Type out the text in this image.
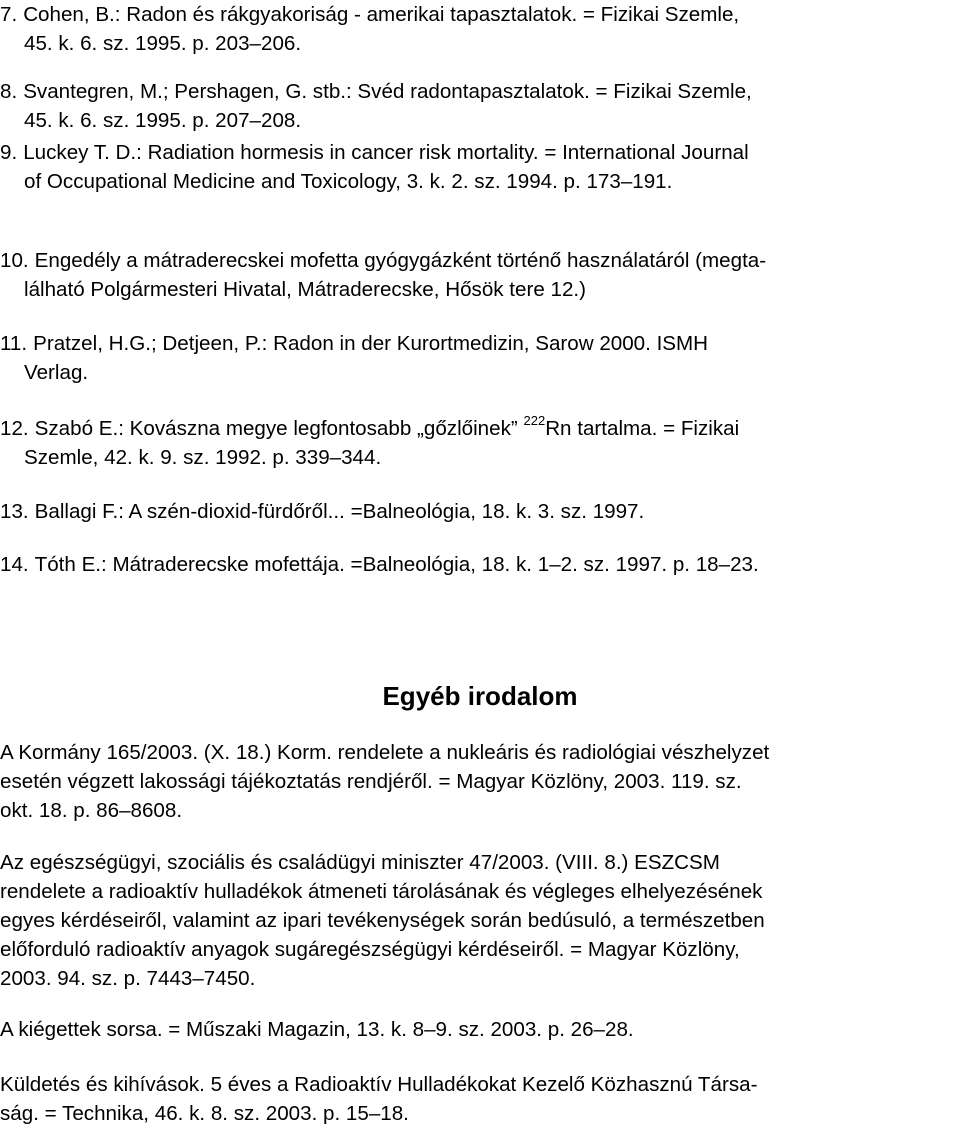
7. Cohen, B.: Radon és rákgyakoriság - amerikai tapasztalatok. = Fizikai Szemle,
45. k. 6. sz. 1995. p. 203–206.
8. Svantegren, M.; Pershagen, G. stb.: Svéd radontapasztalatok. = Fizikai Szemle,
45. k. 6. sz. 1995. p. 207–208.
9. Luckey T. D.: Radiation hormesis in cancer risk mortality. = International Journal
of Occupational Medicine and Toxicology, 3. k. 2. sz. 1994. p. 173–191.
10. Engedély a mátraderecskei mofetta gyógygázként történő használatáról (megta-
lálható Polgármesteri Hivatal, Mátraderecske, Hősök tere 12.)
11. Pratzel, H.G.; Detjeen, P.: Radon in der Kurortmedizin, Sarow 2000. ISMH
Verlag.
12. Szabó E.: Kovászna megye legfontosabb „gőzlőinek” $^{222}$Rn tartalma. = Fizikai
Szemle, 42. k. 9. sz. 1992. p. 339–344.
13. Ballagi F.: A szén-dioxid-fürdőről... =Balneológia, 18. k. 3. sz. 1997.
14. Tóth E.: Mátraderecske mofettája. =Balneológia, 18. k. 1–2. sz. 1997. p. 18–23.
Egyéb irodalom
A Kormány 165/2003. (X. 18.) Korm. rendelete a nukleáris és radiológiai vészhelyzet
esetén végzett lakossági tájékoztatás rendjéről. = Magyar Közlöny, 2003. 119. sz.
okt. 18. p. 86–8608.
Az egészségügyi, szociális és családügyi miniszter 47/2003. (VIII. 8.) ESZCSM
rendelete a radioaktív hulladékok átmeneti tárolásának és végleges elhelyezésének
egyes kérdéseiről, valamint az ipari tevékenységek során bedúsuló, a természetben
előforduló radioaktív anyagok sugáregészségügyi kérdéseiről. = Magyar Közlöny,
2003. 94. sz. p. 7443–7450.
A kiégettek sorsa. = Műszaki Magazin, 13. k. 8–9. sz. 2003. p. 26–28.
Küldetés és kihívások. 5 éves a Radioaktív Hulladékokat Kezelő Közhasznú Társa-
ság. = Technika, 46. k. 8. sz. 2003. p. 15–18.
